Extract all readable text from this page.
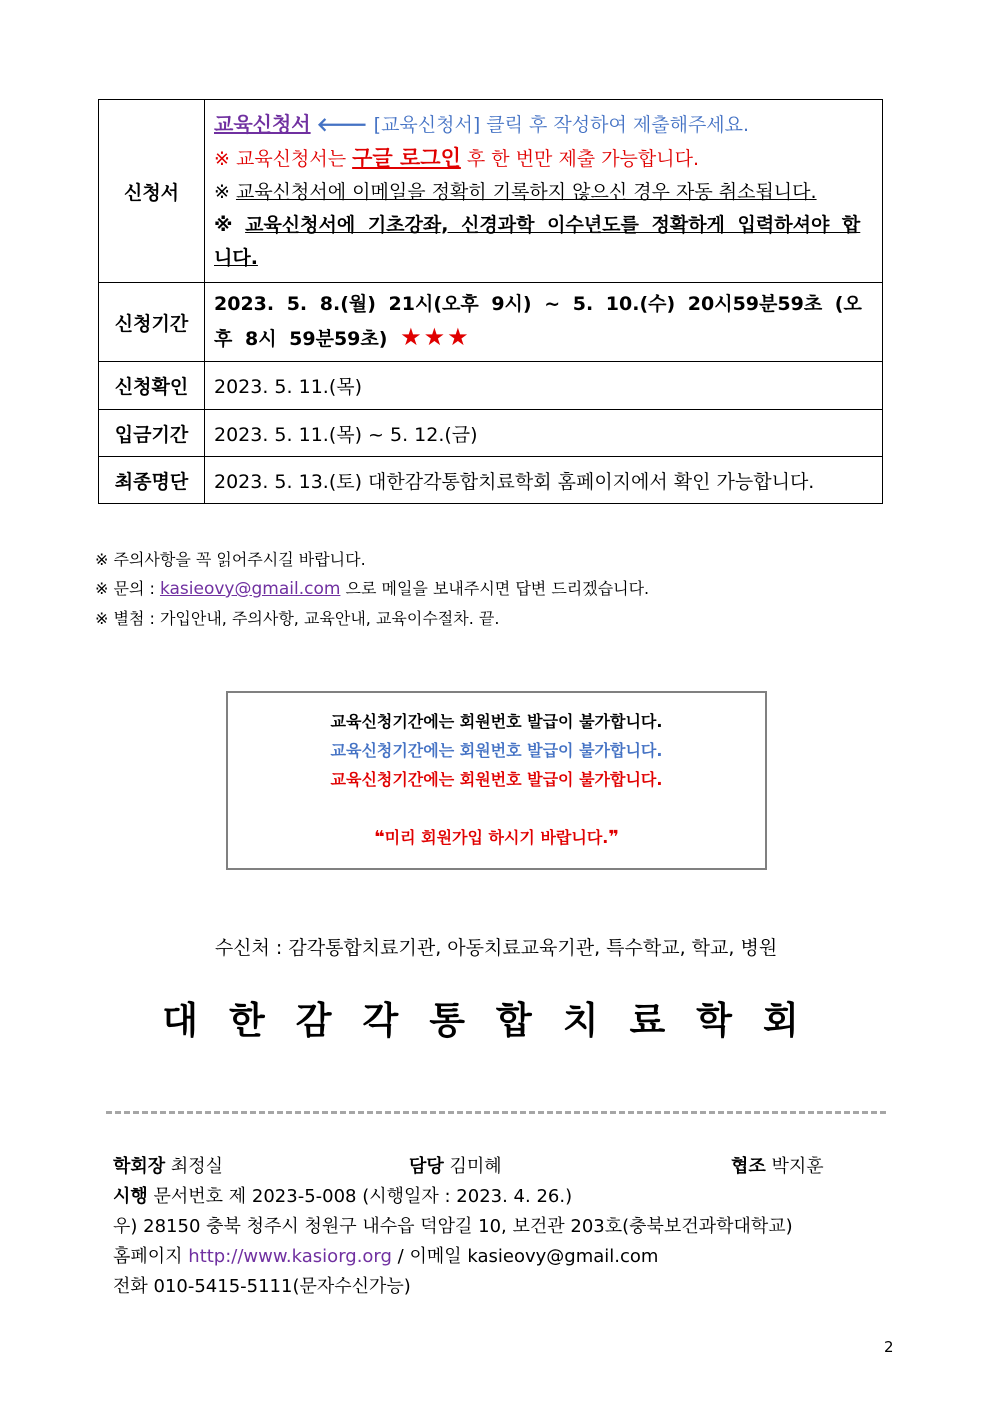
신청서	교육신청서 🡐 [교육신청서] 클릭 후 작성하여 제출해주세요.
※ 교육신청서는 구글 로그인 후 한 번만 제출 가능합니다.
※ 교육신청서에 이메일을 정확히 기록하지 않으신 경우 자동 취소됩니다.
※ 교육신청서에 기초강좌, 신경과학 이수년도를 정확하게 입력하셔야 합니다.

신청기간	2023. 5. 8.(월) 21시(오후 9시) ~ 5. 10.(수) 20시59분59초 (오후 8시 59분59초) ★★★

신청확인	2023. 5. 11.(목)
입금기간	2023. 5. 11.(목) ~ 5. 12.(금)
최종명단	2023. 5. 13.(토) 대한감각통합치료학회 홈페이지에서 확인 가능합니다.
※ 주의사항을 꼭 읽어주시길 바랍니다.
※ 문의 : kasieovy@gmail.com 으로 메일을 보내주시면 답변 드리겠습니다.
※ 별첨 : 가입안내, 주의사항, 교육안내, 교육이수절차. 끝.
교육신청기간에는 회원번호 발급이 불가합니다.
교육신청기간에는 회원번호 발급이 불가합니다.
교육신청기간에는 회원번호 발급이 불가합니다.
❝미리 회원가입 하시기 바랍니다.❞
수신처 : 감각통합치료기관, 아동치료교육기관, 특수학교, 학교, 병원
대한감각통합치료학회
학회장 최정실	담당 김미혜	협조 박지훈
시행 문서번호 제 2023-5-008 (시행일자 : 2023. 4. 26.)
우) 28150 충북 청주시 청원구 내수읍 덕암길 10, 보건관 203호(충북보건과학대학교)
홈페이지 http://www.kasiorg.org / 이메일 kasieovy@gmail.com
전화 010-5415-5111(문자수신가능)
2
